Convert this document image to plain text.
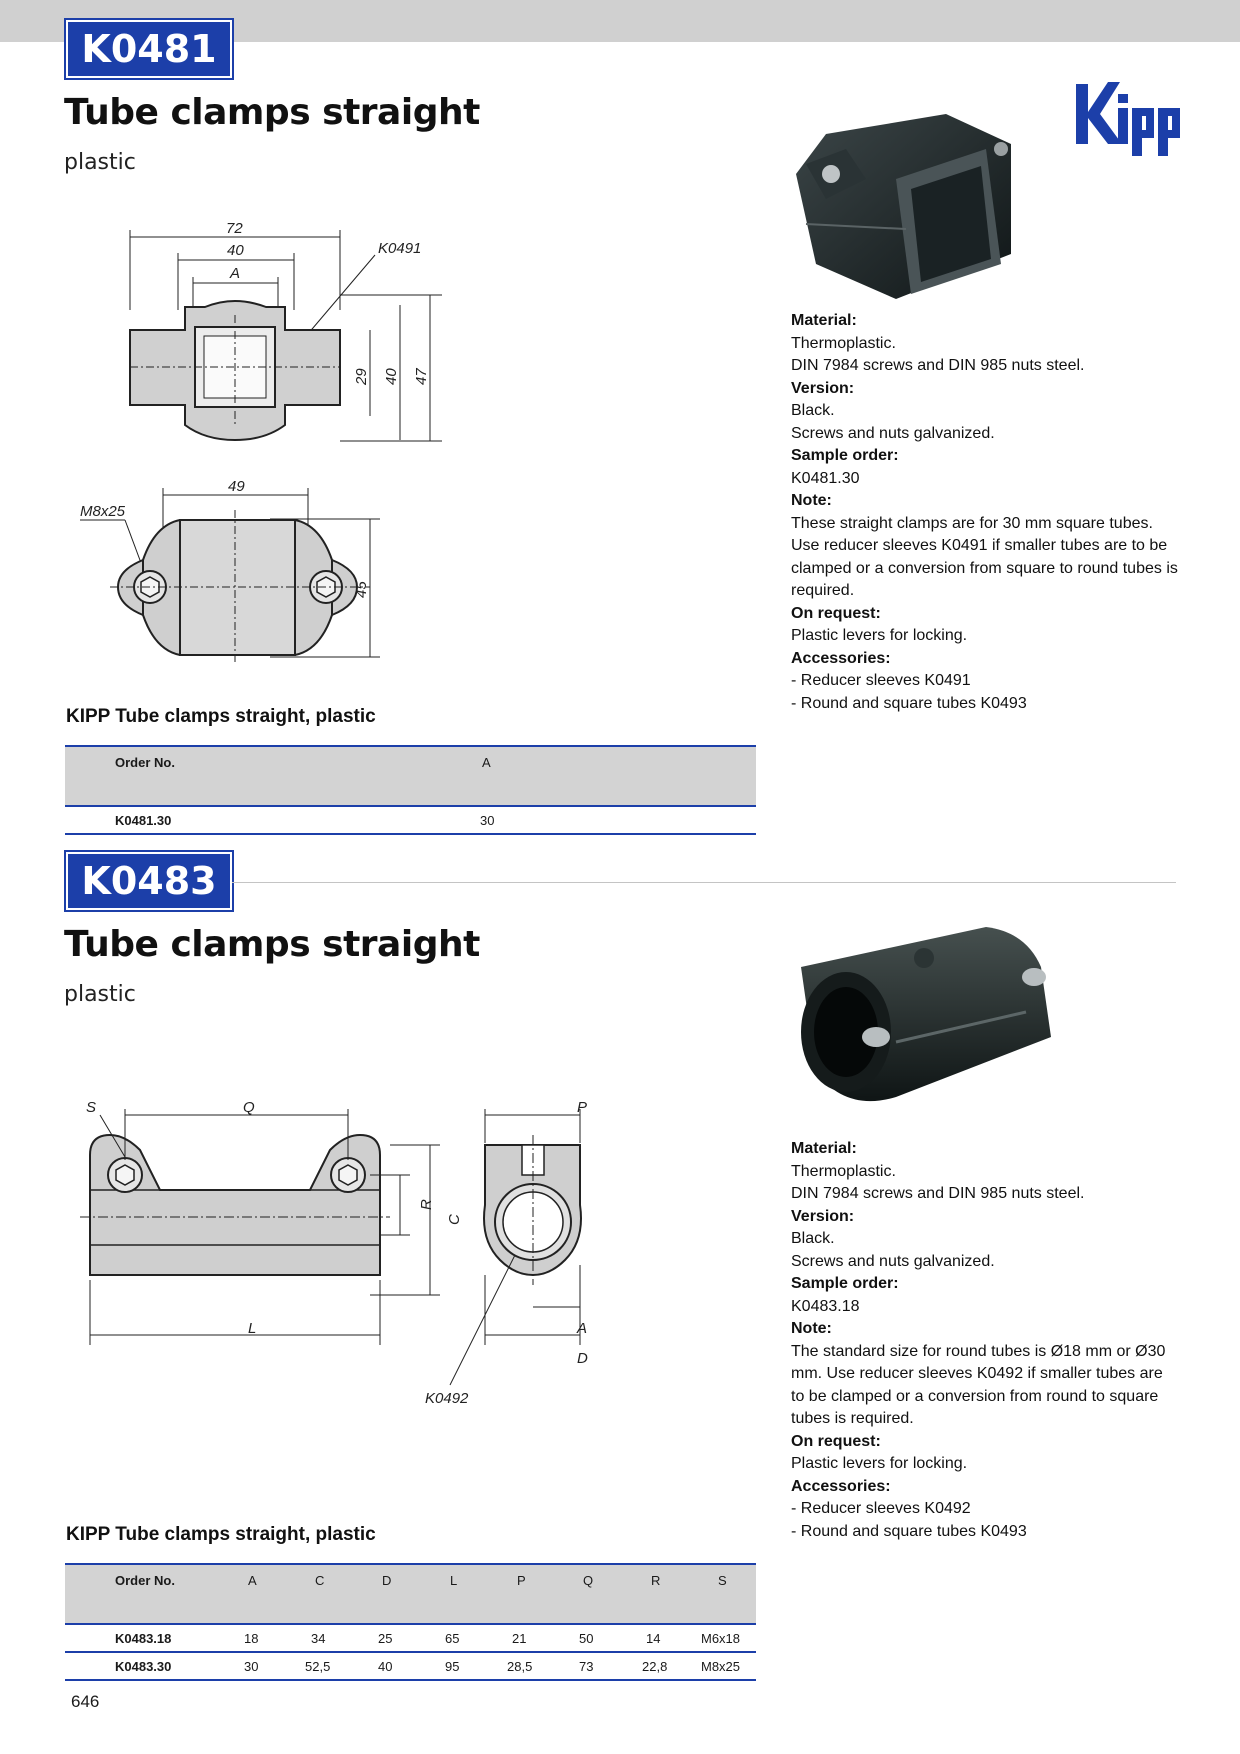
K0481
Tube clamps straight
plastic
72
40
A
K0491
29 40 47
49
M8x25
45
Material:
Thermoplastic.
DIN 7984 screws and DIN 985 nuts steel.
Version:
Black.
Screws and nuts galvanized.
Sample order:
K0481.30
Note:
These straight clamps are for 30 mm square tubes.
Use reducer sleeves K0491 if smaller tubes are to be
clamped or a conversion from square to round tubes is
required.
On request:
Plastic levers for locking.
Accessories:
- Reducer sleeves K0491
- Round and square tubes K0493
KIPP Tube clamps straight, plastic
Order No.	A
K0481.30	30
K0483
Tube clamps straight
plastic
S	Q	P
R
C
L	A
D
K0492
Material:
Thermoplastic.
DIN 7984 screws and DIN 985 nuts steel.
Version:
Black.
Screws and nuts galvanized.
Sample order:
K0483.18
Note:
The standard size for round tubes is Ø18 mm or Ø30
mm. Use reducer sleeves K0492 if smaller tubes are
to be clamped or a conversion from round to square
tubes is required.
On request:
Plastic levers for locking.
Accessories:
- Reducer sleeves K0492
- Round and square tubes K0493
KIPP Tube clamps straight, plastic
Order No.	A	C	D	L	P	Q	R	S
K0483.18	18	34	25	65	21	50	14	M6x18
K0483.30	30	52,5	40	95	28,5	73	22,8	M8x25
646
